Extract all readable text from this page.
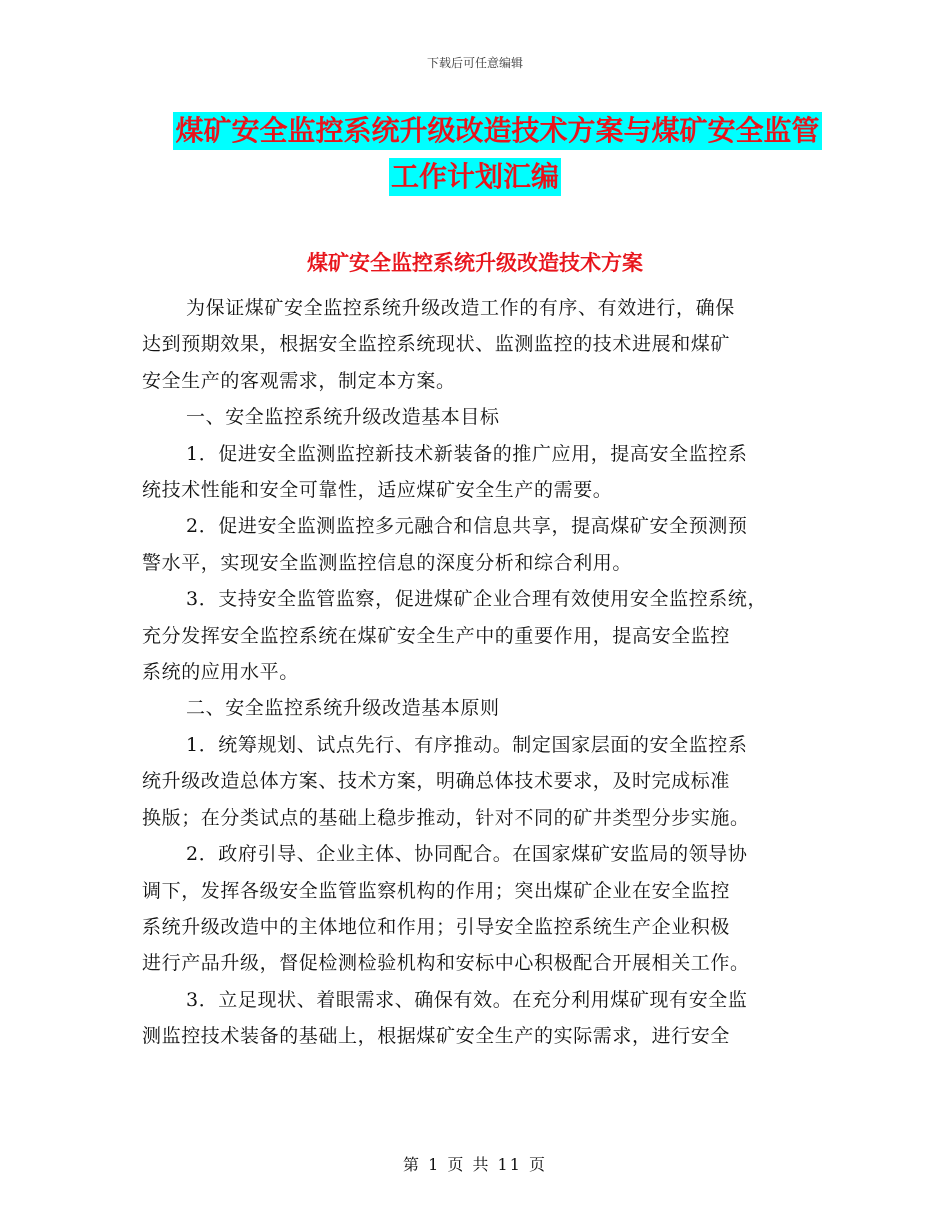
下载后可任意编辑
煤矿安全监控系统升级改造技术方案与煤矿安全监管
工作计划汇编
煤矿安全监控系统升级改造技术方案
为保证煤矿安全监控系统升级改造工作的有序、有效进行，确保
达到预期效果，根据安全监控系统现状、监测监控的技术进展和煤矿
安全生产的客观需求，制定本方案。
一、安全监控系统升级改造基本目标
1．促进安全监测监控新技术新装备的推广应用，提高安全监控系
统技术性能和安全可靠性，适应煤矿安全生产的需要。
2．促进安全监测监控多元融合和信息共享，提高煤矿安全预测预
警水平，实现安全监测监控信息的深度分析和综合利用。
3．支持安全监管监察，促进煤矿企业合理有效使用安全监控系统，
充分发挥安全监控系统在煤矿安全生产中的重要作用，提高安全监控
系统的应用水平。
二、安全监控系统升级改造基本原则
1．统筹规划、试点先行、有序推动。制定国家层面的安全监控系
统升级改造总体方案、技术方案，明确总体技术要求，及时完成标准
换版；在分类试点的基础上稳步推动，针对不同的矿井类型分步实施。
2．政府引导、企业主体、协同配合。在国家煤矿安监局的领导协
调下，发挥各级安全监管监察机构的作用；突出煤矿企业在安全监控
系统升级改造中的主体地位和作用；引导安全监控系统生产企业积极
进行产品升级，督促检测检验机构和安标中心积极配合开展相关工作。
3．立足现状、着眼需求、确保有效。在充分利用煤矿现有安全监
测监控技术装备的基础上，根据煤矿安全生产的实际需求，进行安全
第 1 页 共 11 页
